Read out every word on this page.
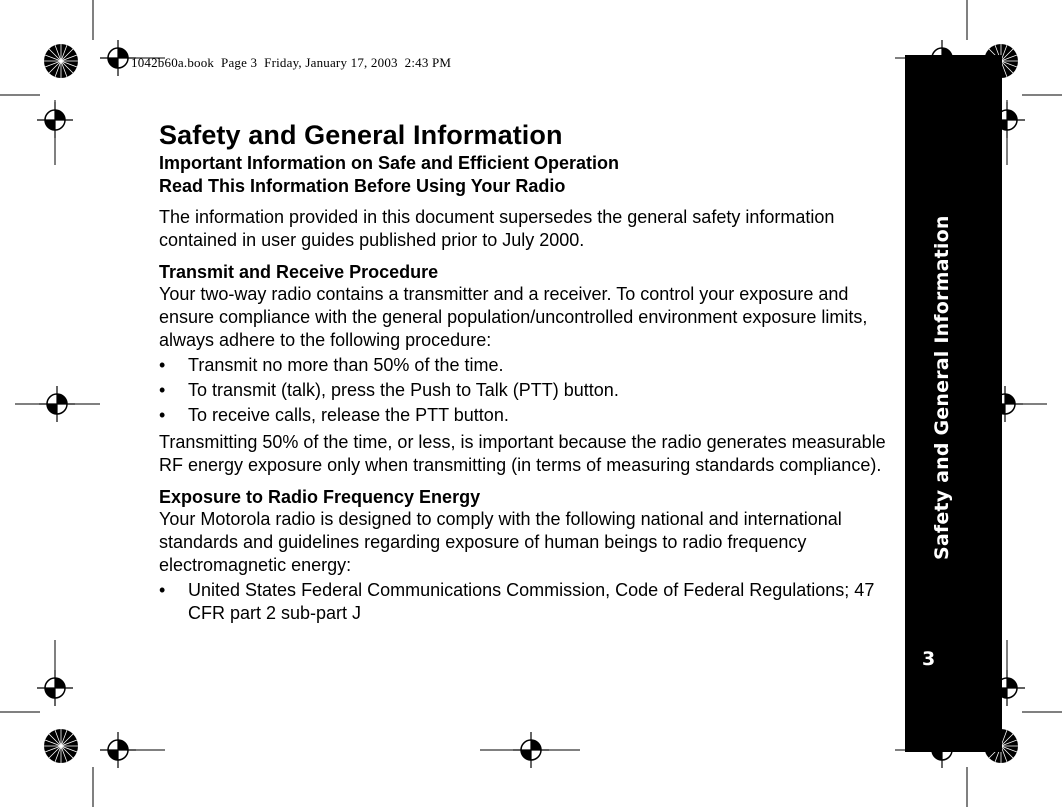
1042b60a.book  Page 3  Friday, January 17, 2003  2:43 PM
Safety and General Information
3
Safety and General Information
Important Information on Safe and Efficient Operation
Read This Information Before Using Your Radio
The information provided in this document supersedes the general safety information contained in user guides published prior to July 2000.
Transmit and Receive Procedure
Your two-way radio contains a transmitter and a receiver. To control your exposure and ensure compliance with the general population/uncontrolled environment exposure limits, always adhere to the following procedure:
• Transmit no more than 50% of the time.
• To transmit (talk), press the Push to Talk (PTT) button.
• To receive calls, release the PTT button.
Transmitting 50% of the time, or less, is important because the radio generates measurable RF energy exposure only when transmitting (in terms of measuring standards compliance).
Exposure to Radio Frequency Energy
Your Motorola radio is designed to comply with the following national and international standards and guidelines regarding exposure of human beings to radio frequency electromagnetic energy:
• United States Federal Communications Commission, Code of Federal Regulations; 47 CFR part 2 sub-part J
